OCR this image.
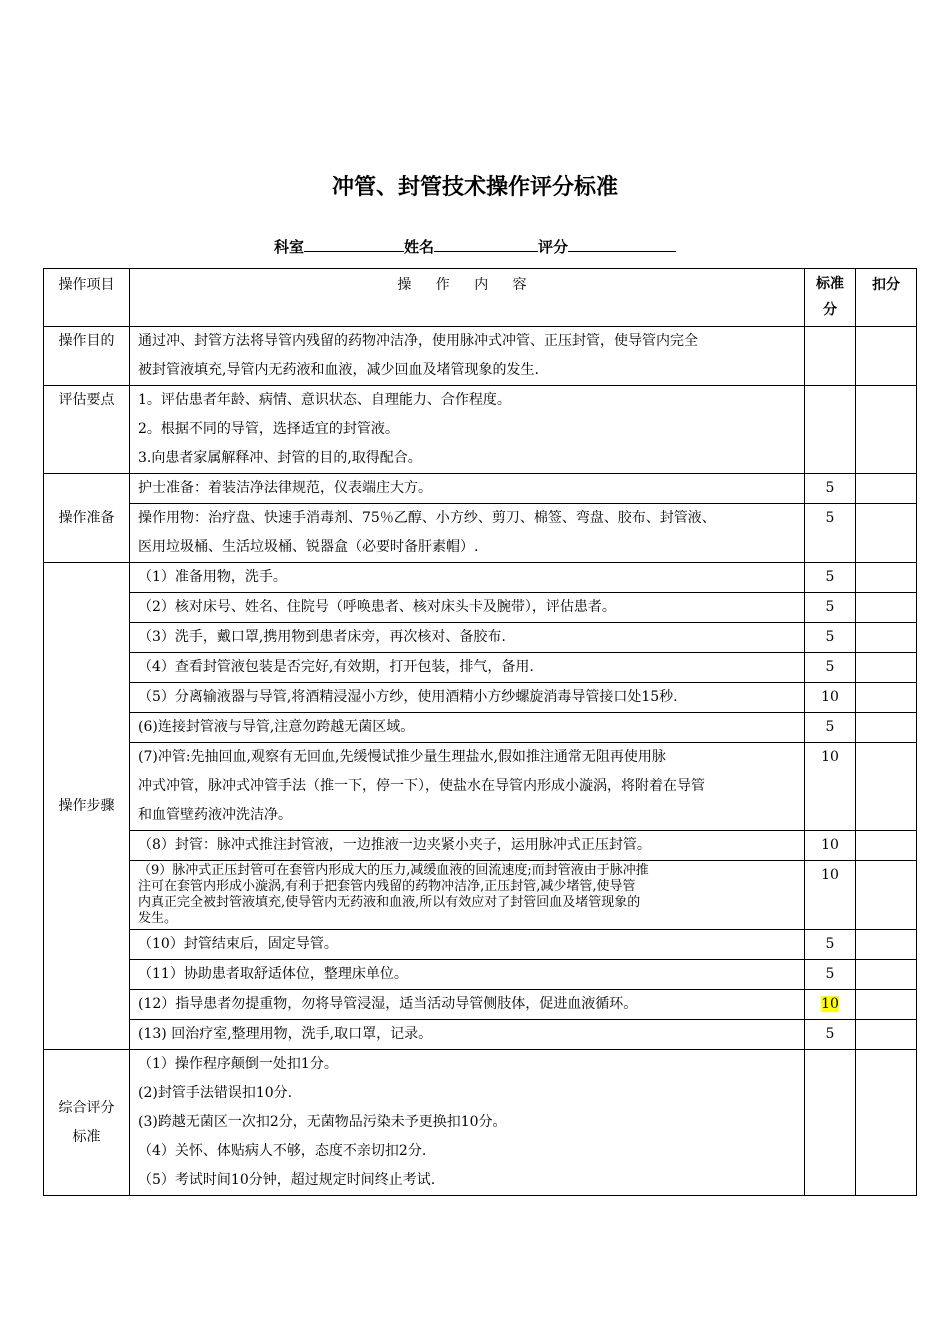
冲管、封管技术操作评分标准
科室	姓名	评分
操作项目	操 作 内 容	标准分	扣分
操作目的	通过冲、封管方法将导管内残留的药物冲洁净，使用脉冲式冲管、正压封管，使导管内完全
被封管液填充,导管内无药液和血液，减少回血及堵管现象的发生.		

评估要点	1。评估患者年龄、病情、意识状态、自理能力、合作程度。
2。根据不同的导管，选择适宜的封管液。
3.向患者家属解释冲、封管的目的,取得配合。		

操作准备	护士准备：着装洁净法律规范，仪表端庄大方。	5	

	操作用物：治疗盘、快速手消毒剂、75％乙醇、小方纱、剪刀、棉签、弯盘、胶布、封管液、
医用垃圾桶、生活垃圾桶、锐器盒（必要时备肝素帽）.	5	
操作步骤	（1）准备用物，洗手。	5	

	（2）核对床号、姓名、住院号（呼唤患者、核对床头卡及腕带），评估患者。	5	

	（3）洗手，戴口罩,携用物到患者床旁，再次核对、备胶布.	5	

	（4）查看封管液包装是否完好,有效期，打开包装，排气，备用.	5	

	（5）分离输液器与导管,将酒精浸湿小方纱，使用酒精小方纱螺旋消毒导管接口处15秒.	10	

	(6)连接封管液与导管,注意勿跨越无菌区域。	5	

	(7)冲管:先抽回血,观察有无回血,先缓慢试推少量生理盐水,假如推注通常无阻再使用脉
冲式冲管，脉冲式冲管手法（推一下，停一下），使盐水在导管内形成小漩涡，将附着在导管
和血管壁药液冲洗洁净。	10	

	（8）封管：脉冲式推注封管液，一边推液一边夹紧小夹子，运用脉冲式正压封管。	10	

	（9）脉冲式正压封管可在套管内形成大的压力,减缓血液的回流速度;而封管液由于脉冲推
注可在套管内形成小漩涡,有利于把套管内残留的药物冲洁净,正压封管,减少堵管,使导管
内真正完全被封管液填充,使导管内无药液和血液,所以有效应对了封管回血及堵管现象的
发生。	10	

	（10）封管结束后，固定导管。	5	

	（11）协助患者取舒适体位，整理床单位。	5	

	(12）指导患者勿提重物，勿将导管浸湿，适当活动导管侧肢体，促进血液循环。	10	

	(13) 回治疗室,整理用物，洗手,取口罩，记录。	5	

综合评分
标准	（1）操作程序颠倒一处扣1分。
(2)封管手法错误扣10分.
(3)跨越无菌区一次扣2分，无菌物品污染未予更换扣10分。
（4）关怀、体贴病人不够，态度不亲切扣2分.
（5）考试时间10分钟，超过规定时间终止考试.		
